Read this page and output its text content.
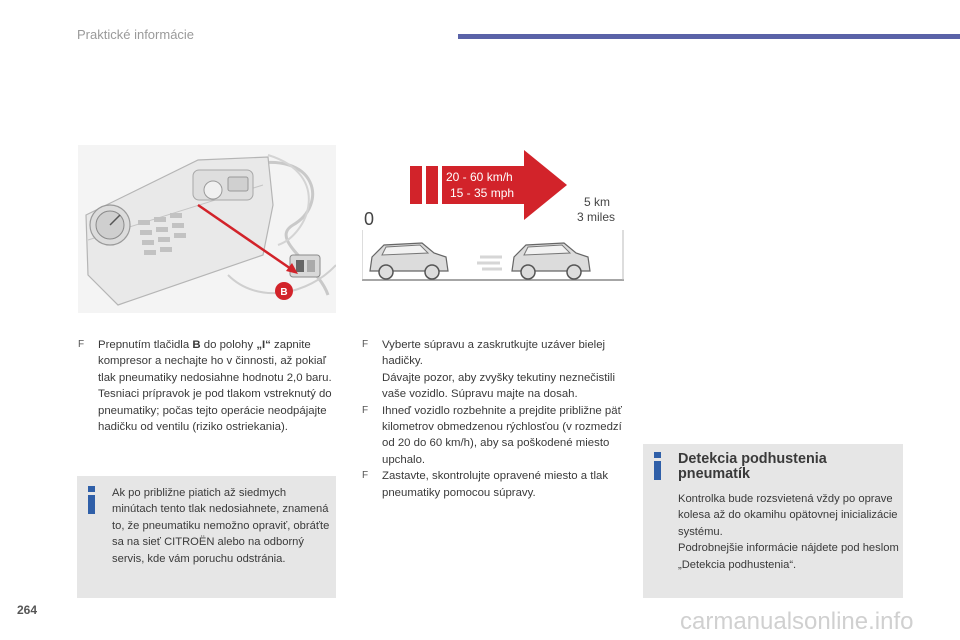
Praktické informácie
B
20 - 60 km/h
15 - 35 mph
0
5 km
3 miles
F Prepnutím tlačidla B do polohy „I“ zapnite kompresor a nechajte ho v činnosti, až pokiaľ tlak pneumatiky nedosiahne hodnotu 2,0 baru.

Tesniaci prípravok je pod tlakom vstreknutý do pneumatiky; počas tejto operácie neodpájajte hadičku od ventilu (riziko ostriekania).

Ak po približne piatich až siedmych minútach tento tlak nedosiahnete, znamená to, že pneumatiku nemožno opraviť, obráťte sa na sieť CITROËN alebo na odborný servis, kde vám poruchu odstránia.
F Vyberte súpravu a zaskrutkujte uzáver bielej hadičky.

Dávajte pozor, aby zvyšky tekutiny neznečistili vaše vozidlo. Súpravu majte na dosah.

F Ihneď vozidlo rozbehnite a prejdite približne päť kilometrov obmedzenou rýchlosťou (v rozmedzí od 20 do 60 km/h), aby sa poškodené miesto upchalo.

F Zastavte, skontrolujte opravené miesto a tlak pneumatiky pomocou súpravy.

Detekcia podhustenia pneumatík

Kontrolka bude rozsvietená vždy po oprave kolesa až do okamihu opätovnej inicializácie systému.

Podrobnejšie informácie nájdete pod heslom „Detekcia podhustenia“.

264	carmanualsonline.info
